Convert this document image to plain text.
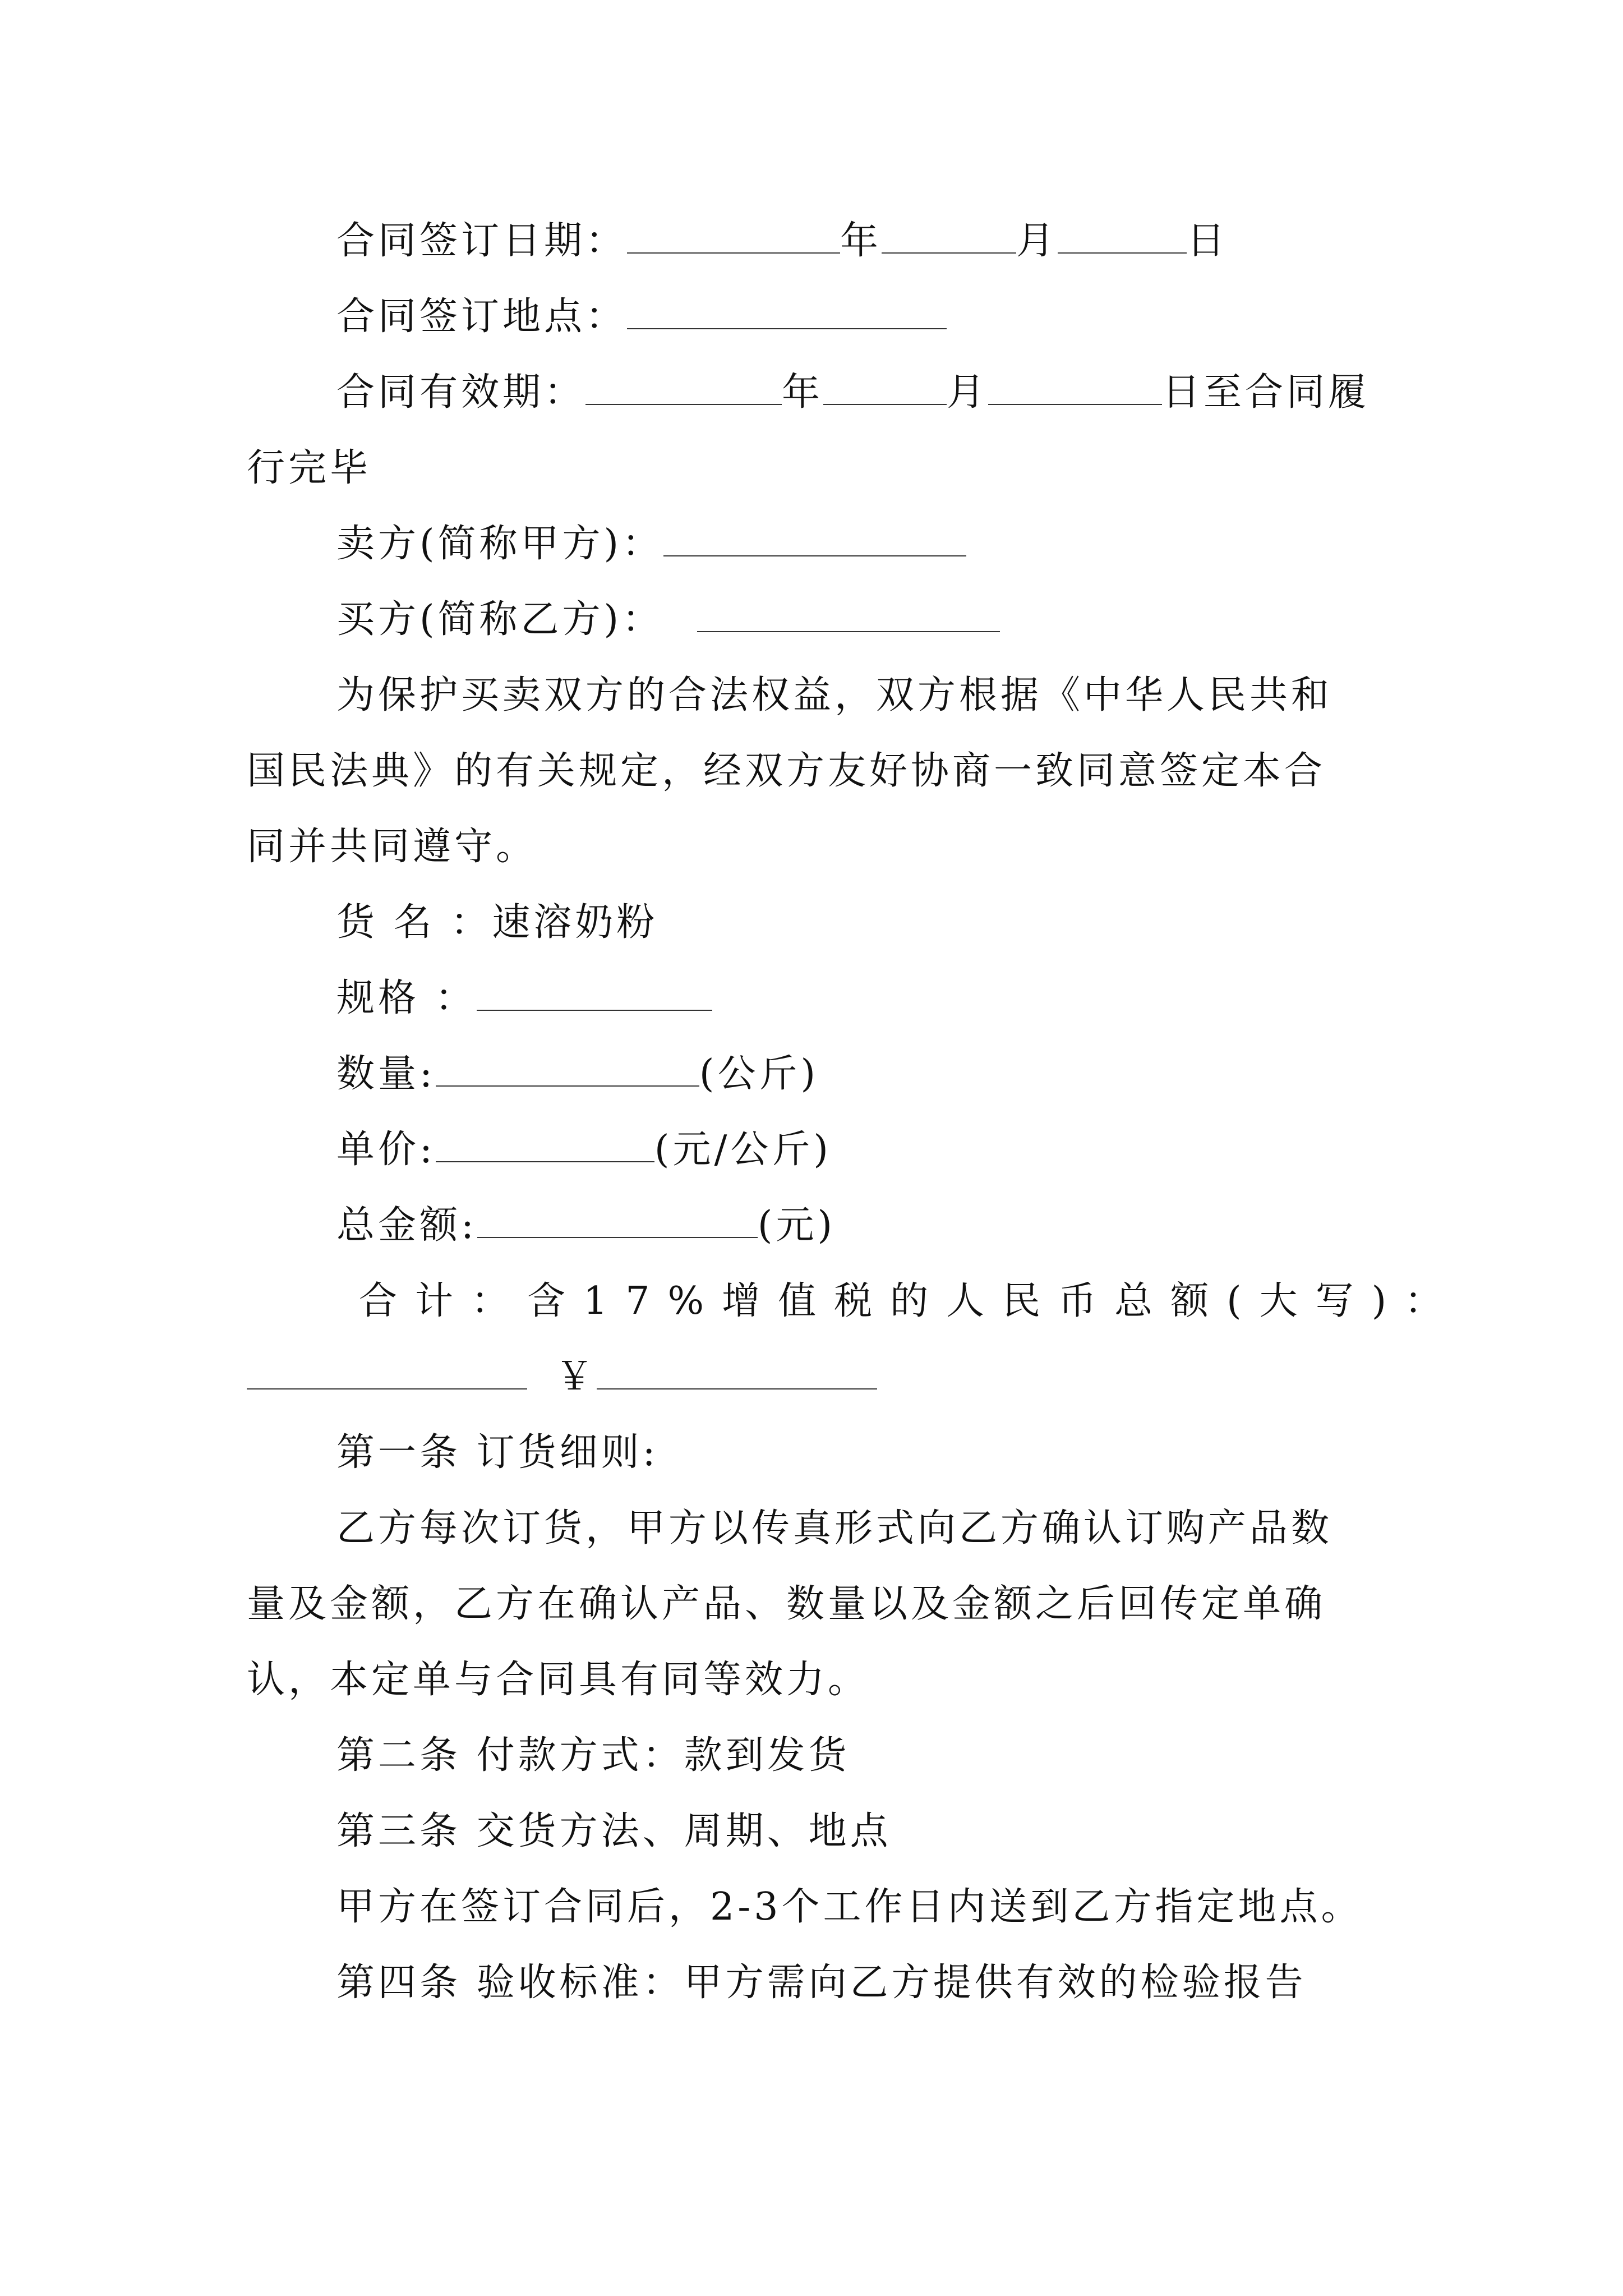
合同签订日期：	年	月	日
合同签订地点：
合同有效期：	年	月	日至合同履
行完毕
卖方(简称甲方)：
买方(简称乙方)：
为保护买卖双方的合法权益，双方根据《中华人民共和
国民法典》的有关规定，经双方友好协商一致同意签定本合
同并共同遵守。
货 名 ：速溶奶粉
规格 ：
数量:	(公斤)
单价:	(元/公斤)
总金额:	(元)
合计：含17%增值税的人民币总额(大写)：
￥
第一条 订货细则:
乙方每次订货，甲方以传真形式向乙方确认订购产品数
量及金额，乙方在确认产品、数量以及金额之后回传定单确
认，本定单与合同具有同等效力。
第二条 付款方式：款到发货
第三条 交货方法、周期、地点
甲方在签订合同后，2-3个工作日内送到乙方指定地点。
第四条 验收标准：甲方需向乙方提供有效的检验报告
